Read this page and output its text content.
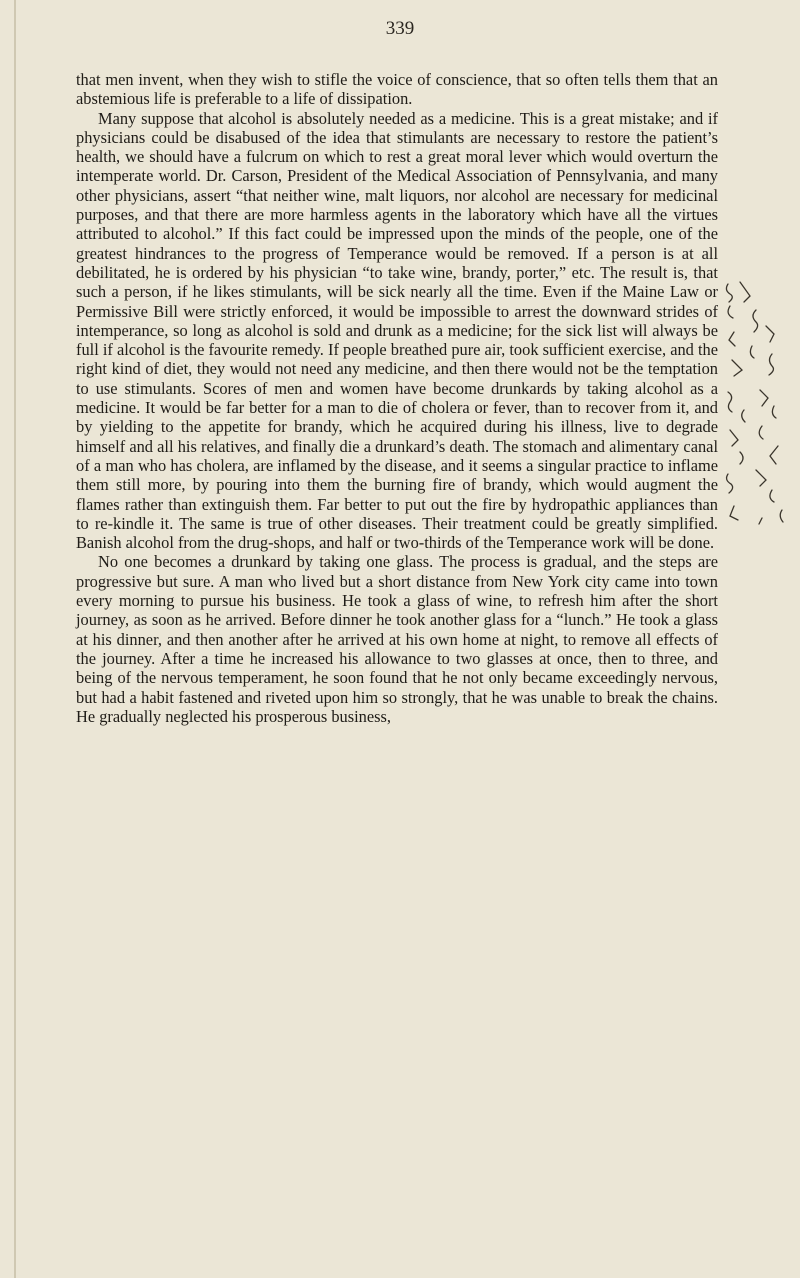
339

that men invent, when they wish to stifle the voice of conscience, that so often tells them that an abstemious life is preferable to a life of dissipation.

Many suppose that alcohol is absolutely needed as a medicine. This is a great mistake; and if physicians could be disabused of the idea that stimulants are necessary to restore the patient’s health, we should have a fulcrum on which to rest a great moral lever which would overturn the intemperate world. Dr. Carson, President of the Medical Association of Pennsylvania, and many other physicians, assert “that neither wine, malt liquors, nor alcohol are necessary for medicinal purposes, and that there are more harmless agents in the laboratory which have all the virtues attributed to alcohol.” If this fact could be impressed upon the minds of the people, one of the greatest hindrances to the progress of Temperance would be removed. If a person is at all debilitated, he is ordered by his physician “to take wine, brandy, porter,” etc. The result is, that such a person, if he likes stimulants, will be sick nearly all the time. Even if the Maine Law or Permissive Bill were strictly enforced, it would be impossible to arrest the downward strides of intemperance, so long as alcohol is sold and drunk as a medicine; for the sick list will always be full if alcohol is the favourite remedy. If people breathed pure air, took sufficient exercise, and the right kind of diet, they would not need any medicine, and then there would not be the temptation to use stimulants. Scores of men and women have become drunkards by taking alcohol as a medicine. It would be far better for a man to die of cholera or fever, than to recover from it, and by yielding to the appetite for brandy, which he acquired during his illness, live to degrade himself and all his relatives, and finally die a drunkard’s death. The stomach and alimentary canal of a man who has cholera, are inflamed by the disease, and it seems a singular practice to inflame them still more, by pouring into them the burning fire of brandy, which would augment the flames rather than extinguish them. Far better to put out the fire by hydropathic appliances than to re-kindle it. The same is true of other diseases. Their treatment could be greatly simplified. Banish alcohol from the drug-shops, and half or two-thirds of the Temperance work will be done.

No one becomes a drunkard by taking one glass. The process is gradual, and the steps are progressive but sure. A man who lived but a short distance from New York city came into town every morning to pursue his business. He took a glass of wine, to refresh him after the short journey, as soon as he arrived. Before dinner he took another glass for a “lunch.” He took a glass at his dinner, and then another after he arrived at his own home at night, to remove all effects of the journey. After a time he increased his allowance to two glasses at once, then to three, and being of the nervous temperament, he soon found that he not only became exceedingly nervous, but had a habit fastened and riveted upon him so strongly, that he was unable to break the chains. He gradually neglected his prosperous business,
